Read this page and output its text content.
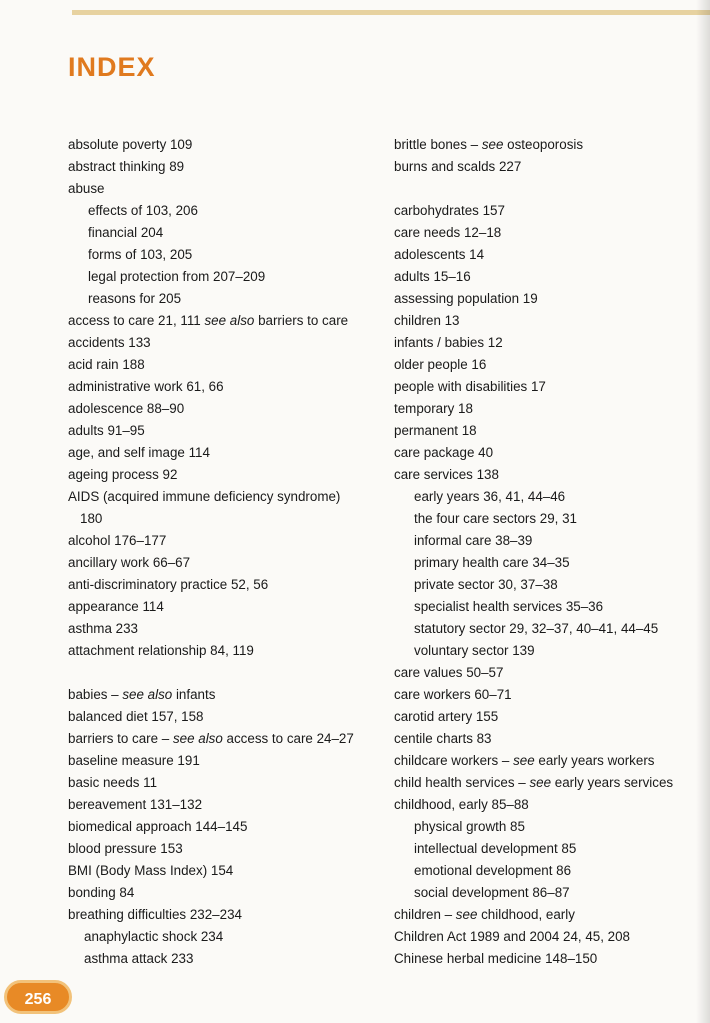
INDEX
absolute poverty 109
abstract thinking 89
abuse
effects of 103, 206
financial 204
forms of 103, 205
legal protection from 207–209
reasons for 205
access to care 21, 111 see also barriers to care
accidents 133
acid rain 188
administrative work 61, 66
adolescence 88–90
adults 91–95
age, and self image 114
ageing process 92
AIDS (acquired immune deficiency syndrome)
180
alcohol 176–177
ancillary work 66–67
anti-discriminatory practice 52, 56
appearance 114
asthma 233
attachment relationship 84, 119
babies – see also infants
balanced diet 157, 158
barriers to care – see also access to care 24–27
baseline measure 191
basic needs 11
bereavement 131–132
biomedical approach 144–145
blood pressure 153
BMI (Body Mass Index) 154
bonding 84
breathing difficulties 232–234
anaphylactic shock 234
asthma attack 233
brittle bones – see osteoporosis
burns and scalds 227
carbohydrates 157
care needs 12–18
adolescents 14
adults 15–16
assessing population 19
children 13
infants / babies 12
older people 16
people with disabilities 17
temporary 18
permanent 18
care package 40
care services 138
early years 36, 41, 44–46
the four care sectors 29, 31
informal care 38–39
primary health care 34–35
private sector 30, 37–38
specialist health services 35–36
statutory sector 29, 32–37, 40–41, 44–45
voluntary sector 139
care values 50–57
care workers 60–71
carotid artery 155
centile charts 83
childcare workers – see early years workers
child health services – see early years services
childhood, early 85–88
physical growth 85
intellectual development 85
emotional development 86
social development 86–87
children – see childhood, early
Children Act 1989 and 2004 24, 45, 208
Chinese herbal medicine 148–150
256
